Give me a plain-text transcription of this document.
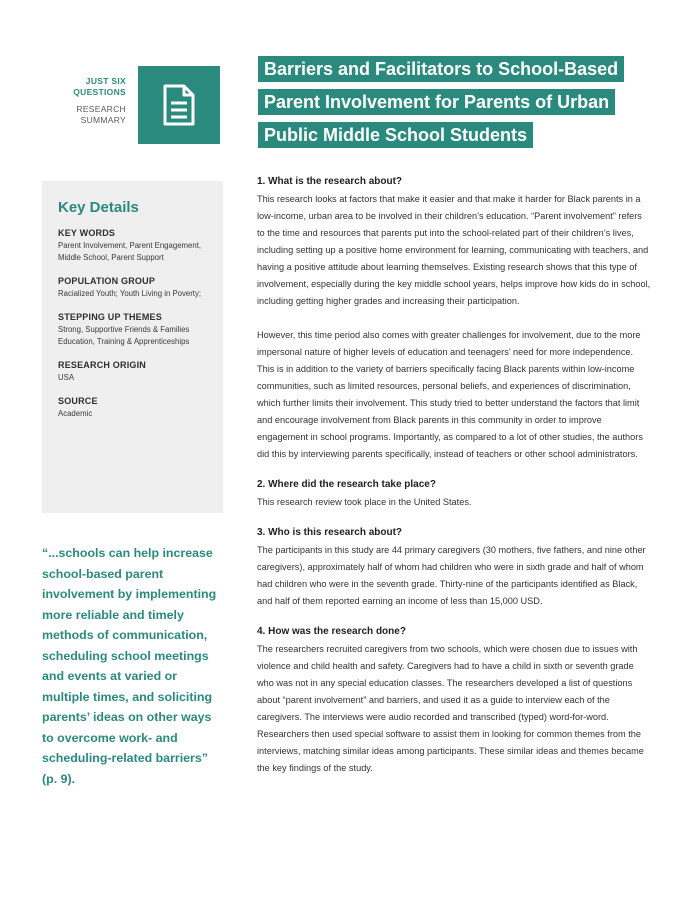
JUST SIX QUESTIONS
RESEARCH SUMMARY
Barriers and Facilitators to School-Based
Parent Involvement for Parents of Urban
Public Middle School Students
Key Details
KEY WORDS
Parent Involvement, Parent Engagement, Middle School, Parent Support
POPULATION GROUP
Racialized Youth; Youth Living in Poverty;
STEPPING UP THEMES
Strong, Supportive Friends & Families Education, Training & Apprenticeships
RESEARCH ORIGIN
USA
SOURCE
Academic
“...schools can help increase school-based parent involvement by implementing more reliable and timely methods of communication, scheduling school meetings and events at varied or multiple times, and soliciting parents’ ideas on other ways to overcome work- and scheduling-related barriers” (p. 9).
1. What is the research about?

This research looks at factors that make it easier and that make it harder for Black parents in a low-income, urban area to be involved in their children’s education. “Parent involvement” refers to the time and resources that parents put into the school-related part of their children’s lives, including setting up a positive home environment for learning, communicating with teachers, and having a positive attitude about learning themselves. Existing research shows that this type of involvement, especially during the key middle school years, helps improve how kids do in school, including getting higher grades and increasing their participation.

However, this time period also comes with greater challenges for involvement, due to the more impersonal nature of higher levels of education and teenagers’ need for more independence. This is in addition to the variety of barriers specifically facing Black parents within low-income communities, such as limited resources, personal beliefs, and experiences of discrimination, which further limits their involvement. This study tried to better understand the factors that limit and encourage involvement from Black parents in this community in order to improve engagement in school programs. Importantly, as compared to a lot of other studies, the authors did this by interviewing parents specifically, instead of teachers or other school administrators.

2. Where did the research take place?

This research review took place in the United States.

3. Who is this research about?

The participants in this study are 44 primary caregivers (30 mothers, five fathers, and nine other caregivers), approximately half of whom had children who were in sixth grade and half of whom had children who were in the seventh grade. Thirty-nine of the participants identified as Black, and half of them reported earning an income of less than 15,000 USD.

4. How was the research done?

The researchers recruited caregivers from two schools, which were chosen due to issues with violence and child health and safety. Caregivers had to have a child in sixth or seventh grade who was not in any special education classes. The researchers developed a list of questions about “parent involvement” and barriers, and used it as a guide to interview each of the caregivers. The interviews were audio recorded and transcribed (typed) word-for-word. Researchers then used special software to assist them in looking for common themes from the interviews, matching similar ideas among participants. These similar ideas and themes became the key findings of the study.
